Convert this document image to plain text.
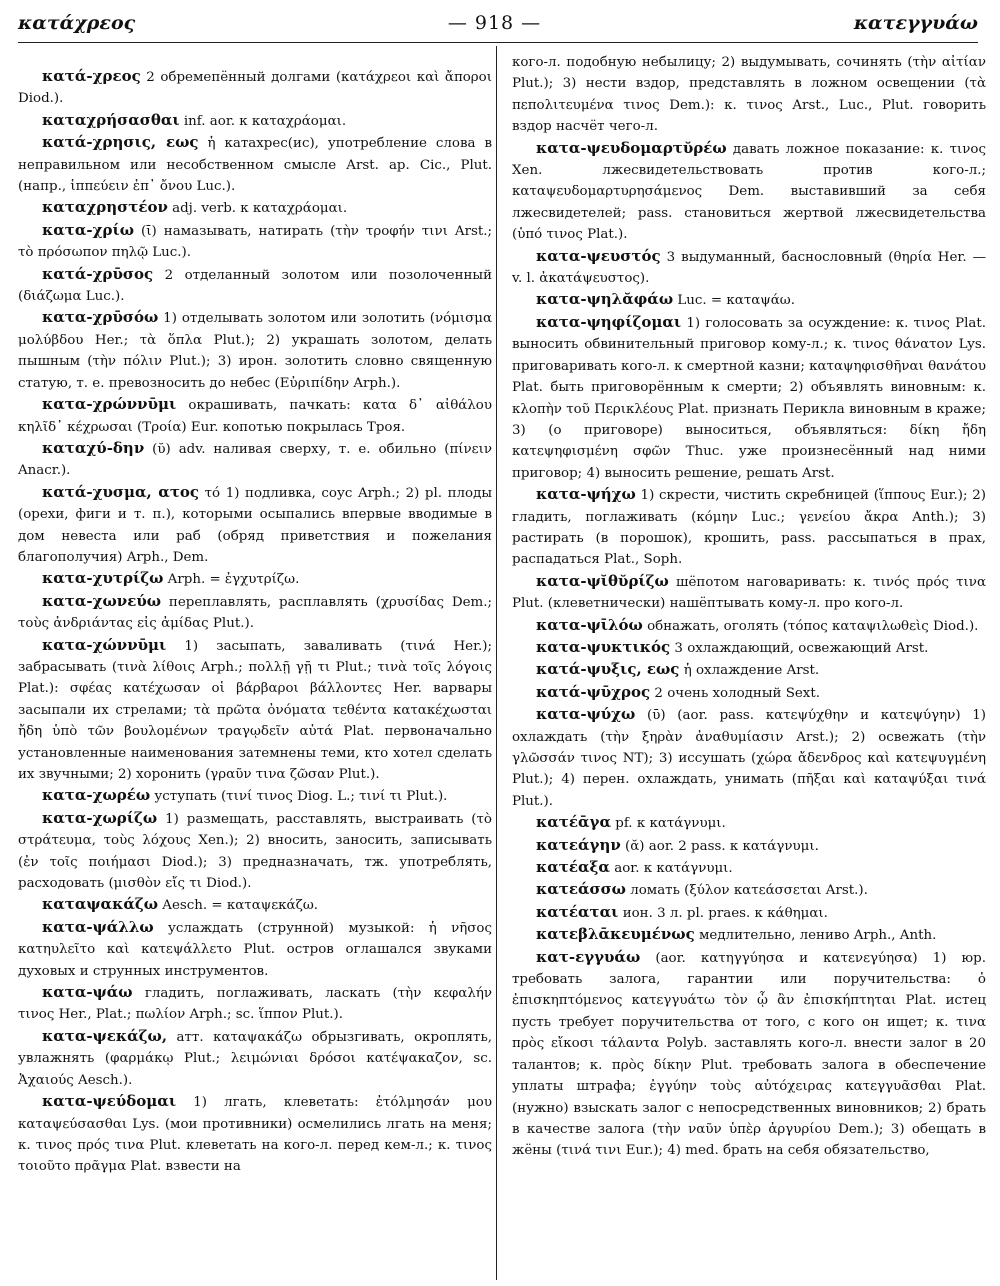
κατάχρεος	— 918 —	κατεγγυάω

κατά-χρεος 2 обремепённый долгами (κατάχρεοι καὶ ἄποροι Diod.).

καταχρήσασθαι inf. aor. к καταχράομαι.

κατά-χρησις, εως ἡ катахрес(ис), употребление слова в неправильном или несобственном смысле Arst. ap. Cic., Plut. (напр., ἱππεύειν ἐπ᾽ ὄνου Luc.).

καταχρηστέον adj. verb. к καταχράομαι.

κατα-χρίω (ῑ) намазывать, натирать (τὴν τροφήν τινι Arst.; τὸ πρόσωπον πηλῷ Luc.).

κατά-χρῡσος 2 отделанный золотом или позолоченный (διάζωμα Luc.).

κατα-χρῡσόω 1) отделывать золотом или золотить (νόμισμα μολύβδου Her.; τὰ ὅπλα Plut.); 2) украшать золотом, делать пышным (τὴν πόλιν Plut.); 3) ирон. золотить словно священную статую, т. е. превозносить до небес (Εὐριπίδην Arph.).

κατα-χρώννῡμι окрашивать, пачкать: κατα δ᾽ αἰθάλου κηλῖδ᾽ κέχρωσαι (Τροία) Eur. копотью покрылась Троя.

καταχύ-δην (ῠ) adv. наливая сверху, т. е. обильно (πίνειν Anacr.).

κατά-χυσμα, ατος τό 1) подливка, соус Arph.; 2) pl. плоды (орехи, фиги и т. п.), которыми осыпались впервые вводимые в дом невеста или раб (обряд приветствия и пожелания благополучия) Arph., Dem.

κατα-χυτρίζω Arph. = ἐγχυτρίζω.

κατα-χωνεύω переплавлять, расплавлять (χρυσίδας Dem.; τοὺς ἀνδριάντας εἰς ἀμίδας Plut.).

κατα-χώννῡμι 1) засыпать, заваливать (τινά Her.); забрасывать (τινὰ λίθοις Arph.; πολλῇ γῇ τι Plut.; τινὰ τοῖς λόγοις Plat.): σφέας κατέχωσαν οἱ βάρβαροι βάλλοντες Her. варвары засыпали их стрелами; τὰ πρῶτα ὀνόματα τεθέντα κατακέχωσται ἤδη ὑπὸ τῶν βουλομένων τραγῳδεῖν αὐτά Plat. первоначально установленные наименования затемнены теми, кто хотел сделать их звучными; 2) хоронить (γραῦν τινα ζῶσαν Plut.).

κατα-χωρέω уступать (τινί τινος Diog. L.; τινί τι Plut.).

κατα-χωρίζω 1) размещать, расставлять, выстраивать (τὸ στράτευμα, τοὺς λόχους Xen.); 2) вносить, заносить, записывать (ἐν τοῖς ποιήμασι Diod.); 3) предназначать, тж. употреблять, расходовать (μισθὸν εἴς τι Diod.).

καταψακάζω Aesch. = καταψεκάζω.

κατα-ψάλλω услаждать (струнной) музыкой: ἡ νῆσος κατηυλεῖτο καὶ κατεψάλλετο Plut. остров оглашался звуками духовых и струнных инструментов.

κατα-ψάω гладить, поглаживать, ласкать (τὴν κεφαλήν τινος Her., Plat.; πωλίον Arph.; sc. ἵππον Plut.).

κατα-ψεκάζω, атт. καταψακάζω обрызгивать, окроплять, увлажнять (φαρμάκῳ Plut.; λειμώνιαι δρόσοι κατέψακαζον, sc. Ἀχαιούς Aesch.).

κατα-ψεύδομαι 1) лгать, клеветать: ἐτόλμησάν μου καταψεύσασθαι Lys. (мои противники) осмелились лгать на меня; κ. τινος πρός τινα Plut. клеветать на кого-л. перед кем-л.; κ. τινος τοιοῦτο πρᾶγμα Plat. взвести на

кого-л. подобную небылицу; 2) выдумывать, сочинять (τὴν αἰτίαν Plut.); 3) нести вздор, представлять в ложном освещении (τὰ πεπολιτευμένα τινος Dem.): κ. τινος Arst., Luc., Plut. говорить вздор насчёт чего-л.

κατα-ψευδομαρτῠρέω давать ложное показание: κ. τινος Xen. лжесвидетельствовать против кого-л.; καταψευδομαρτυρησάμενος Dem. выставивший за себя лжесвидетелей; pass. становиться жертвой лжесвидетельства (ὑπό τινος Plat.).

κατα-ψευστός 3 выдуманный, баснословный (θηρία Her. — v. l. ἀκατάψευστος).

κατα-ψηλᾰφάω Luc. = καταψάω.

κατα-ψηφίζομαι 1) голосовать за осуждение: κ. τινος Plat. выносить обвинительный приговор кому-л.; κ. τινος θάνατον Lys. приговаривать кого-л. к смертной казни; καταψηφισθῆναι θανάτου Plat. быть приговорённым к смерти; 2) объявлять виновным: κ. κλοπὴν τοῦ Περικλέους Plat. признать Перикла виновным в краже; 3) (о приговоре) выноситься, объявляться: δίκη ἤδη κατεψηφισμένη σφῶν Thuc. уже произнесённый над ними приговор; 4) выносить решение, решать Arst.

κατα-ψήχω 1) скрести, чистить скребницей (ἵππους Eur.); 2) гладить, поглаживать (κόμην Luc.; γενείου ἄκρα Anth.); 3) растирать (в порошок), крошить, pass. рассыпаться в прах, распадаться Plat., Soph.

κατα-ψῐθῠρίζω шёпотом наговаривать: κ. τινός πρός τινα Plut. (клеветнически) нашёптывать кому-л. про кого-л.

κατα-ψῑλόω обнажать, оголять (τόπος καταψιλωθεὶς Diod.).

κατα-ψυκτικός 3 охлаждающий, освежающий Arst.

κατά-ψυξις, εως ἡ охлаждение Arst.

κατά-ψῡχρος 2 очень холодный Sext.

κατα-ψύχω (ῡ) (aor. pass. κατεψύχθην и κατεψύγην) 1) охлаждать (τὴν ξηρὰν ἀναθυμίασιν Arst.); 2) освежать (τὴν γλῶσσάν τινος NT); 3) иссушать (χώρα ἄδενδρος καὶ κατεψυγμένη Plut.); 4) перен. охлаждать, унимать (πῆξαι καὶ καταψύξαι τινά Plut.).

κατέᾱγα pf. к κατάγνυμι.

κατεάγην (ᾰ) aor. 2 pass. к κατάγνυμι.

κατέαξα aor. к κατάγνυμι.

κατεάσσω ломать (ξύλον κατεάσσεται Arst.).

κατέαται ион. 3 л. pl. praes. к κάθημαι.

κατεβλᾱκευμένως медлительно, лениво Arph., Anth.

κατ-εγγυάω (aor. κατηγγύησα и κατενεγύησα) 1) юр. требовать залога, гарантии или поручительства: ὁ ἐπισκηπτόμενος κατεγγυάτω τὸν ᾧ ἂν ἐπισκήπτηται Plat. истец пусть требует поручительства от того, с кого он ищет; κ. τινα πρὸς εἴκοσι τάλαντα Polyb. заставлять кого-л. внести залог в 20 талантов; κ. πρὸς δίκην Plut. требовать залога в обеспечение уплаты штрафа; ἐγγύην τοὺς αὐτόχειρας κατεγγυᾶσθαι Plat. (нужно) взыскать залог с непосредственных виновников; 2) брать в качестве залога (τὴν ναῦν ὑπὲρ ἀργυρίου Dem.); 3) обещать в жёны (τινά τινι Eur.); 4) med. брать на себя обязательство,
